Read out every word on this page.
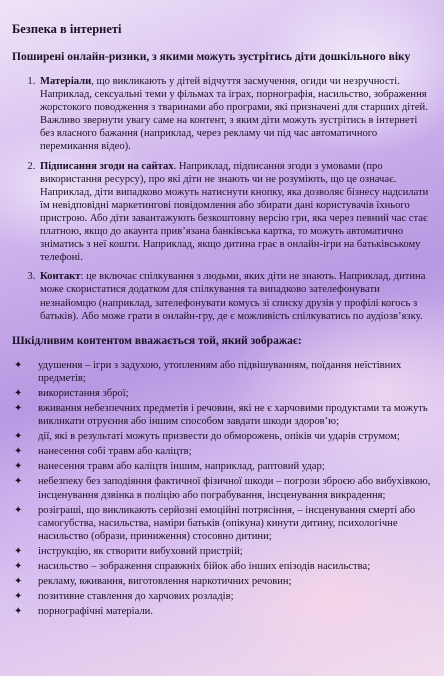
Безпека в інтернеті
Поширені онлайн-ризики, з якими можуть зустрітись діти дошкільного віку
1. Матеріали, що викликають у дітей відчуття засмучення, огиди чи незручності. Наприклад, сексуальні теми у фільмах та іграх, порнографія, насильство, зображення жорстокого поводження з тваринами або програми, які призначені для старших дітей. Важливо звернути увагу саме на контент, з яким діти можуть зустрітись в інтернеті без власного бажання (наприклад, через рекламу чи під час автоматичного перемикання відео).
2. Підписання згоди на сайтах. Наприклад, підписання згоди з умовами (про використання ресурсу), про які діти не знають чи не розуміють, що це означає. Наприклад, діти випадково можуть натиснути кнопку, яка дозволяє бізнесу надсилати їм невідповідні маркетингові повідомлення або збирати дані користувачів їхнього пристрою. Або діти завантажують безкоштовну версію гри, яка через певний час стає платною, якщо до акаунта прив’язана банківська картка, то можуть автоматично зніматись з неї кошти. Наприклад, якщо дитина грає в онлайн-ігри на батьківському телефоні.
3. Контакт: це включає спілкування з людьми, яких діти не знають. Наприклад, дитина може скористатися додатком для спілкування та випадково зателефонувати незнайомцю (наприклад, зателефонувати комусь зі списку друзів у профілі когось з батьків). Або може грати в онлайн-гру, де є можливість спілкуватись по аудіозв’язку.
Шкідливим контентом вважається той, який зображає:
✦ удушення – ігри з задухою, утопленням або підвішуванням, поїдання неїстівних предметів;
✦ використання зброї;
✦ вживання небезпечних предметів і речовин, які не є харчовими продуктами та можуть викликати отруєння або іншим способом завдати шкоди здоров’ю;
✦ дії, які в результаті можуть призвести до обморожень, опіків чи ударів струмом;
✦ нанесення собі травм або каліцтв;
✦ нанесення травм або каліцтв іншим, наприклад, раптовий удар;
✦ небезпеку без заподіяння фактичної фізичної шкоди – погрози зброєю або вибухівкою, інсценування дзвінка в поліцію або пограбування, інсценування викрадення;
✦ розіграші, що викликають серйозні емоційні потрясіння, – інсценування смерті або самогубства, насильства, наміри батьків (опікуна) кинути дитину, психологічне насильство (образи, приниження) стосовно дитини;
✦ інструкцію, як створити вибуховий пристрій;
✦ насильство – зображення справжніх бійок або інших епізодів насильства;
✦ рекламу, вживання, виготовлення наркотичних речовин;
✦ позитивне ставлення до харчових розладів;
✦ порнографічні матеріали.
